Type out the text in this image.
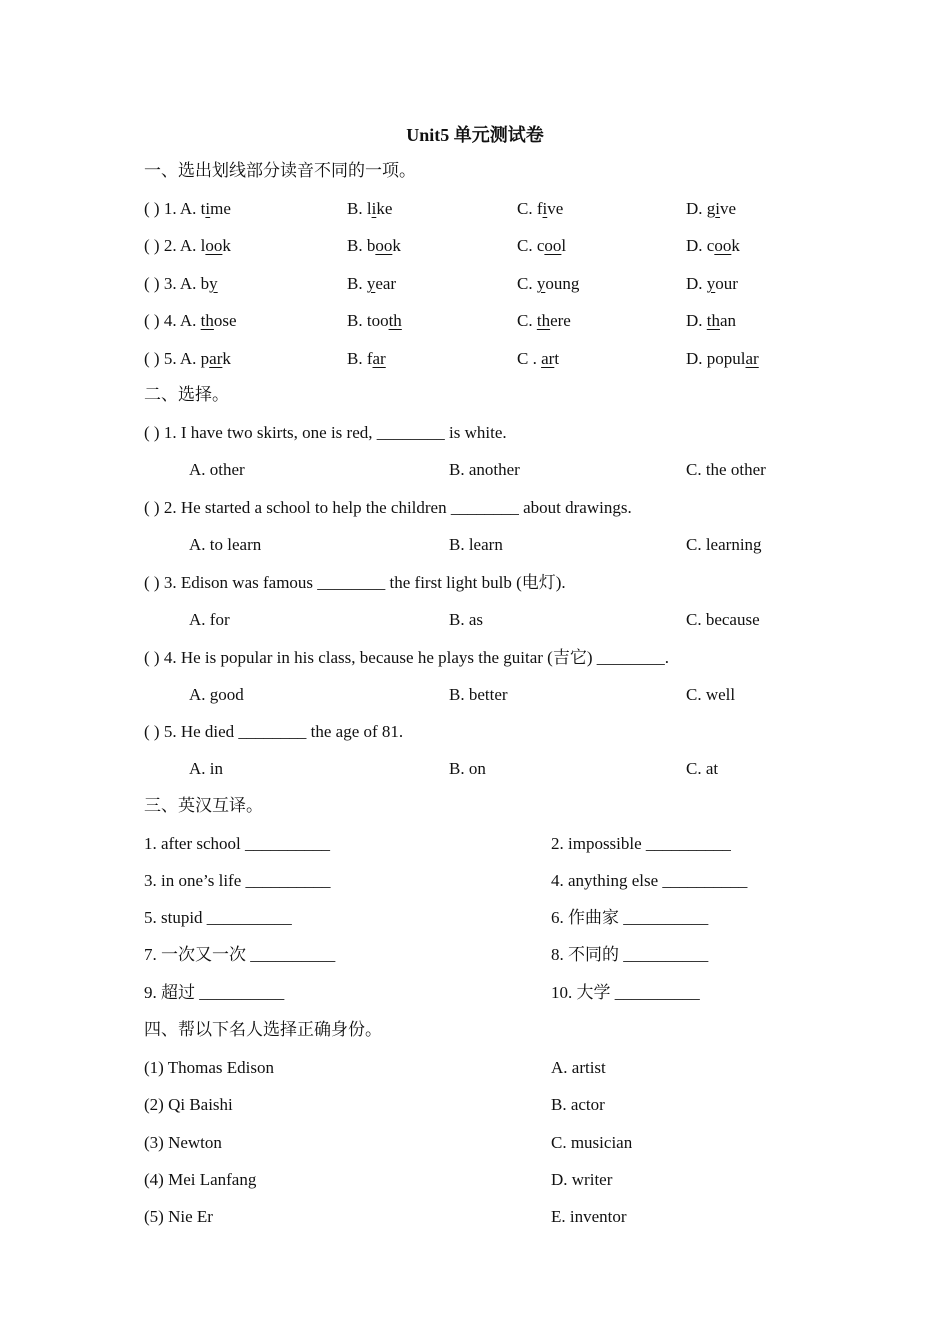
Unit5 单元测试卷
一、选出划线部分读音不同的一项。
( ) 1. A. time	B. like	C. five	D. give
( ) 2. A. look	B. book	C. cool	D. cook
( ) 3. A. by	B. year	C. young	D. your
( ) 4. A. those	B. tooth	C. there	D. than
( ) 5. A. park	B. far	C . art	D. popular
二、选择。
( ) 1. I have two skirts, one is red, ________ is white.
A. other	B. another	C. the other
( ) 2. He started a school to help the children ________ about drawings.
A. to learn	B. learn	C. learning
( ) 3. Edison was famous ________ the first light bulb (电灯).
A. for	B. as	C. because
( ) 4. He is popular in his class, because he plays the guitar (吉它) ________.
A. good	B. better	C. well
( ) 5. He died ________ the age of 81.
A. in	B. on	C. at
三、英汉互译。
1. after school __________	2. impossible __________
3. in one’s life __________	4. anything else __________
5. stupid __________	6. 作曲家 __________
7. 一次又一次 __________	8. 不同的 __________
9. 超过 __________	10. 大学 __________
四、帮以下名人选择正确身份。
(1) Thomas Edison	A. artist
(2) Qi Baishi	B. actor
(3) Newton	C. musician
(4) Mei Lanfang	D. writer
(5) Nie Er	E. inventor
